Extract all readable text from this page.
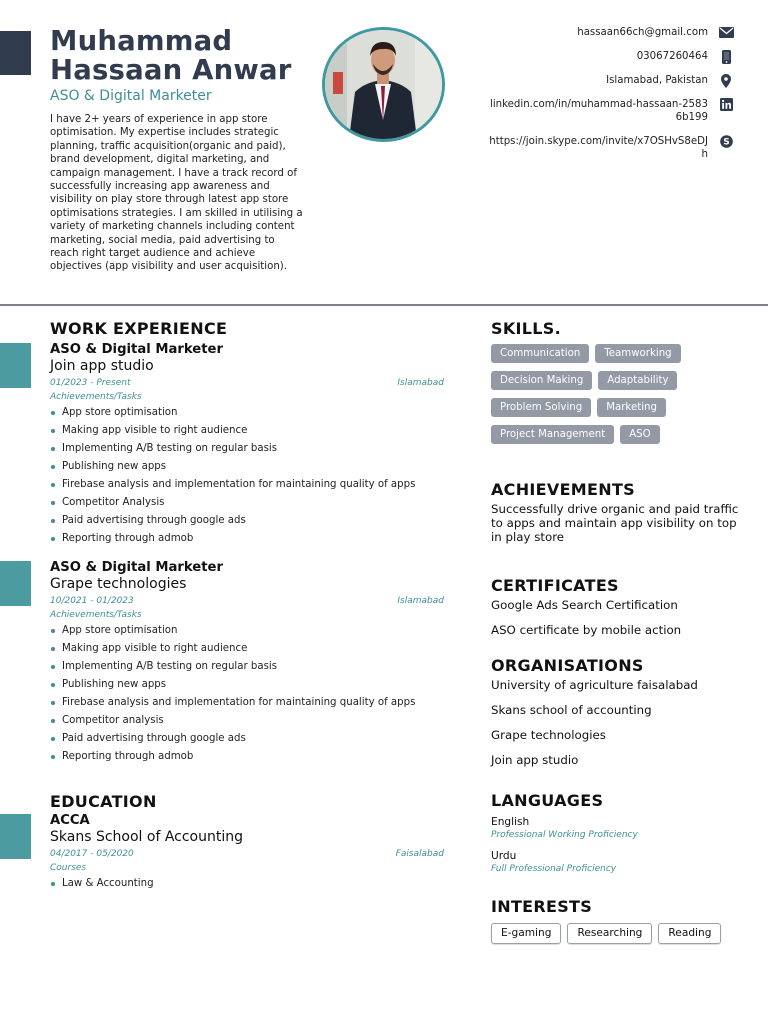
Muhammad
Hassaan Anwar
ASO & Digital Marketer

I have 2+ years of experience in app store optimisation. My expertise includes strategic planning, traffic acquisition(organic and paid), brand development, digital marketing, and campaign management. I have a track record of successfully increasing app awareness and visibility on play store through latest app store optimisations strategies. I am skilled in utilising a variety of marketing channels including content marketing, social media, paid advertising to reach right target audience and achieve objectives (app visibility and user acquisition).

hassaan66ch@gmail.com
03067260464
Islamabad, Pakistan
linkedin.com/in/muhammad-hassaan-25836b199
https://join.skype.com/invite/x7OSHvS8eDJh
S
WORK EXPERIENCE
ASO & Digital Marketer
Join app studio
01/2023 - Present	Islamabad
Achievements/Tasks
App store optimisation
Making app visible to right audience
Implementing A/B testing on regular basis
Publishing new apps
Firebase analysis and implementation for maintaining quality of apps
Competitor Analysis
Paid advertising through google ads
Reporting through admob
ASO & Digital Marketer
Grape technologies
10/2021 - 01/2023	Islamabad
Achievements/Tasks
App store optimisation
Making app visible to right audience
Implementing A/B testing on regular basis
Publishing new apps
Firebase analysis and implementation for maintaining quality of apps
Competitor analysis
Paid advertising through google ads
Reporting through admob
EDUCATION
ACCA
Skans School of Accounting
04/2017 - 05/2020	Faisalabad
Courses
Law & Accounting
SKILLS.
Communication	Teamworking
Decision Making	Adaptability
Problem Solving	Marketing
Project Management	ASO
ACHIEVEMENTS

Successfully drive organic and paid traffic to apps and maintain app visibility on top in play store

CERTIFICATES
Google Ads Search Certification
ASO certificate by mobile action
ORGANISATIONS
University of agriculture faisalabad
Skans school of accounting
Grape technologies
Join app studio
LANGUAGES
English
Professional Working Proficiency
Urdu
Full Professional Proficiency
INTERESTS
E-gaming	Researching	Reading
